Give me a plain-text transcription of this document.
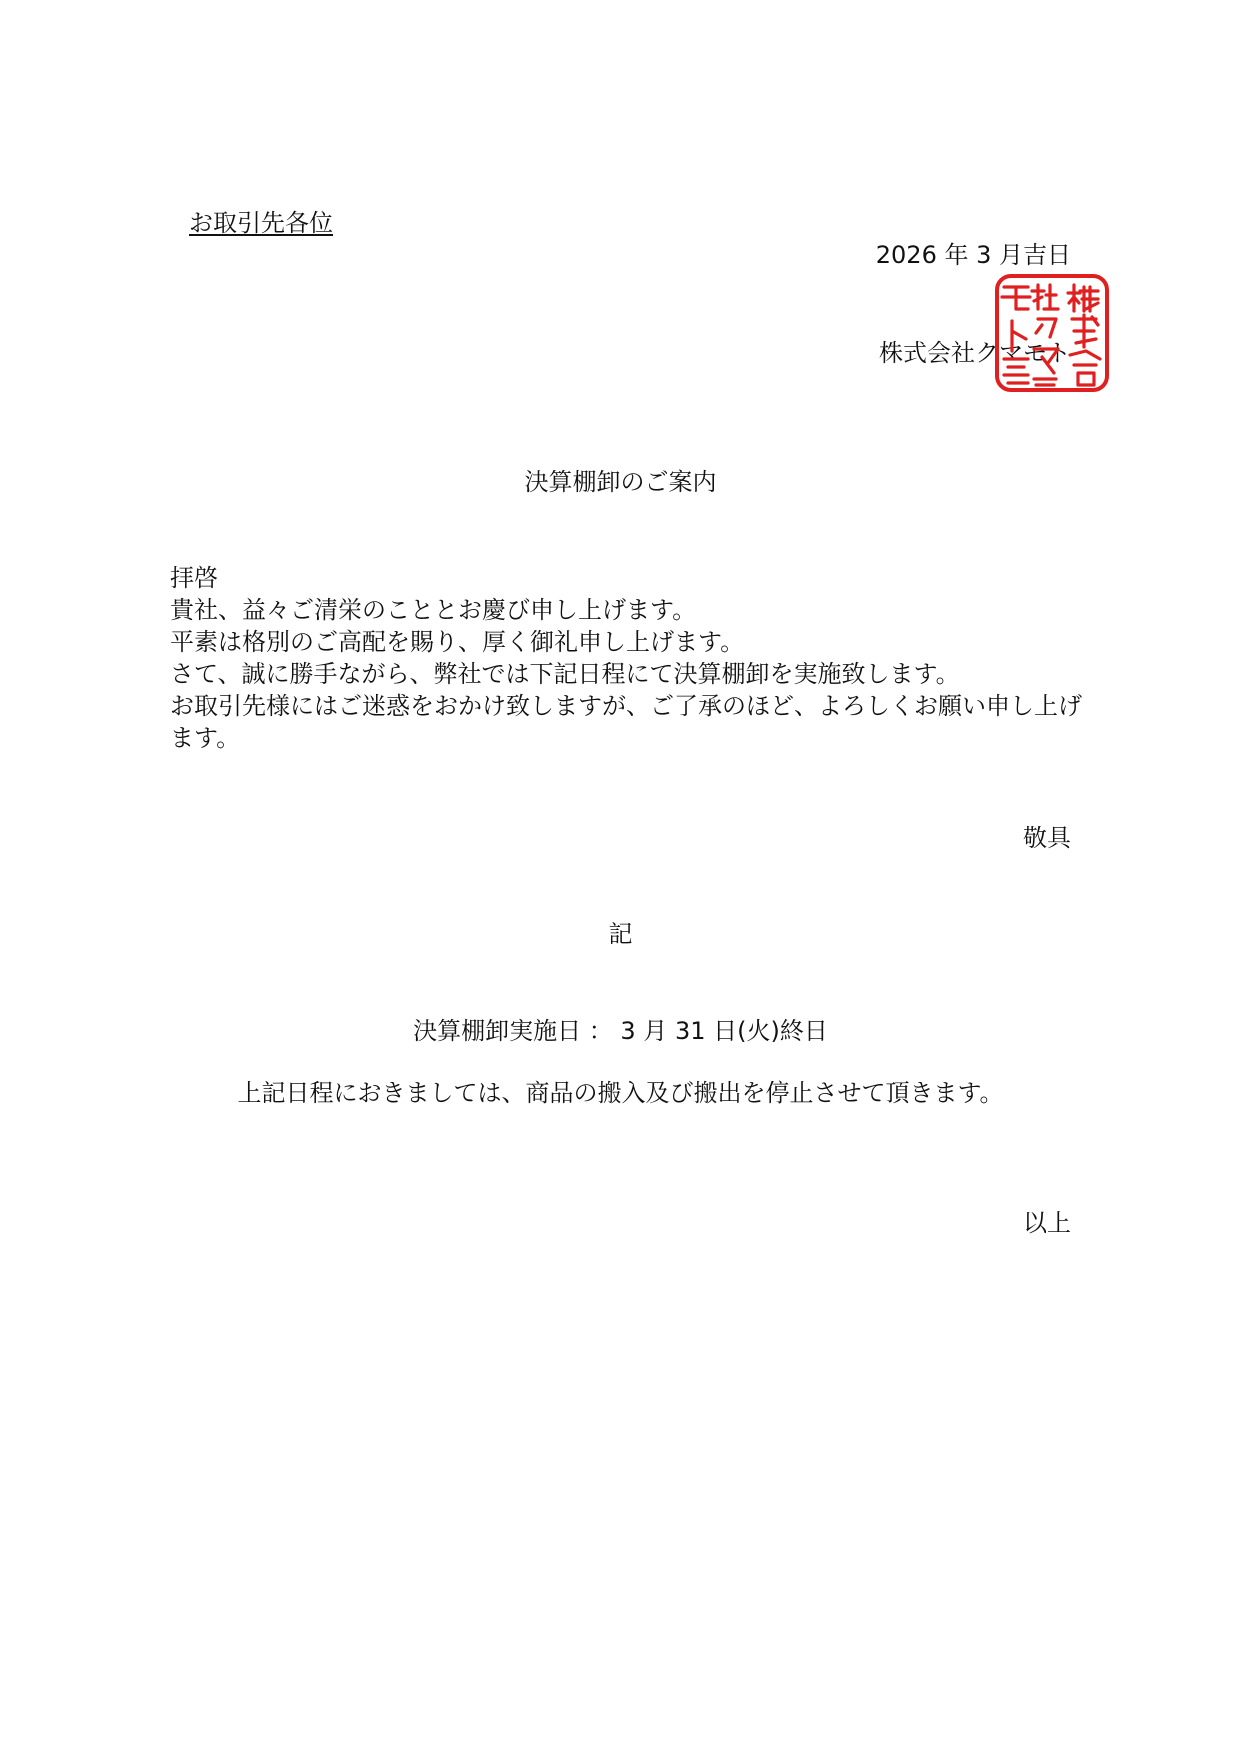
お取引先各位
2026 年 3 月吉日
株式会社クマモト
決算棚卸のご案内
拝啓
貴社、益々ご清栄のこととお慶び申し上げます。
平素は格別のご高配を賜り、厚く御礼申し上げます。
さて、誠に勝手ながら、弊社では下記日程にて決算棚卸を実施致します。
お取引先様にはご迷惑をおかけ致しますが、ご了承のほど、よろしくお願い申し上げ
ます。
敬具
記
決算棚卸実施日 ： 3 月 31 日(火)終日
上記日程におきましては、商品の搬入及び搬出を停止させて頂きます。
以上
